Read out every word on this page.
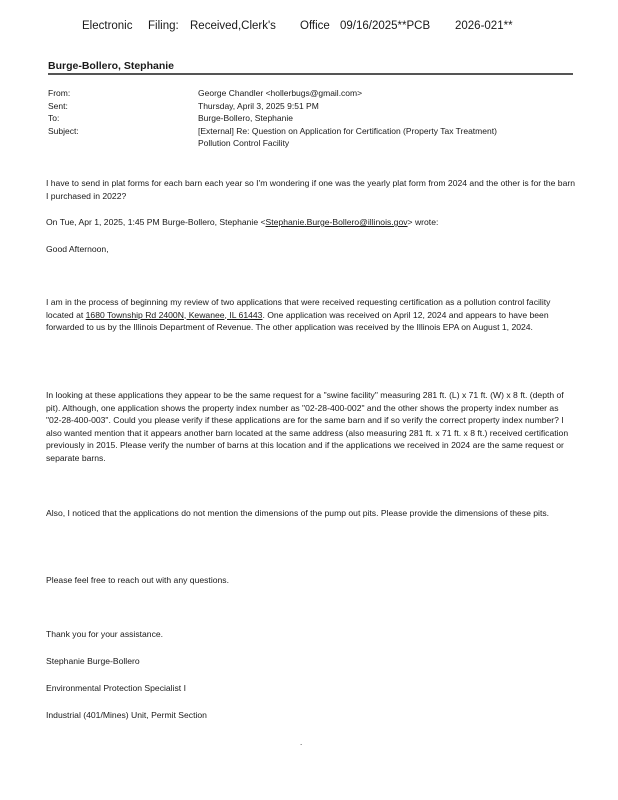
Electronic Filing: Received,Clerk's Office 09/16/2025**PCB 2026-021**
Burge-Bollero, Stephanie
From:	George Chandler <hollerbugs@gmail.com>
Sent:	Thursday, April 3, 2025 9:51 PM
To:	Burge-Bollero, Stephanie
Subject:	[External] Re: Question on Application for Certification (Property Tax Treatment)
Pollution Control Facility

I have to send in plat forms for each barn each year so I'm wondering if one was the yearly plat form from 2024 and the other is for the barn I purchased in 2022?

On Tue, Apr 1, 2025, 1:45 PM Burge-Bollero, Stephanie <Stephanie.Burge-Bollero@illinois.gov> wrote:

Good Afternoon,

I am in the process of beginning my review of two applications that were received requesting certification as a pollution control facility located at 1680 Township Rd 2400N, Kewanee, IL 61443. One application was received on April 12, 2024 and appears to have been forwarded to us by the Illinois Department of Revenue. The other application was received by the Illinois EPA on August 1, 2024.

In looking at these applications they appear to be the same request for a "swine facility" measuring 281 ft. (L) x 71 ft. (W) x 8 ft. (depth of pit). Although, one application shows the property index number as "02-28-400-002" and the other shows the property index number as "02-28-400-003". Could you please verify if these applications are for the same barn and if so verify the correct property index number? I also wanted mention that it appears another barn located at the same address (also measuring 281 ft. x 71 ft. x 8 ft.) received certification previously in 2015. Please verify the number of barns at this location and if the applications we received in 2024 are the same request or separate barns.

Also, I noticed that the applications do not mention the dimensions of the pump out pits. Please provide the dimensions of these pits.

Please feel free to reach out with any questions.

Thank you for your assistance.

Stephanie Burge-Bollero

Environmental Protection Specialist I

Industrial (401/Mines) Unit, Permit Section

.
